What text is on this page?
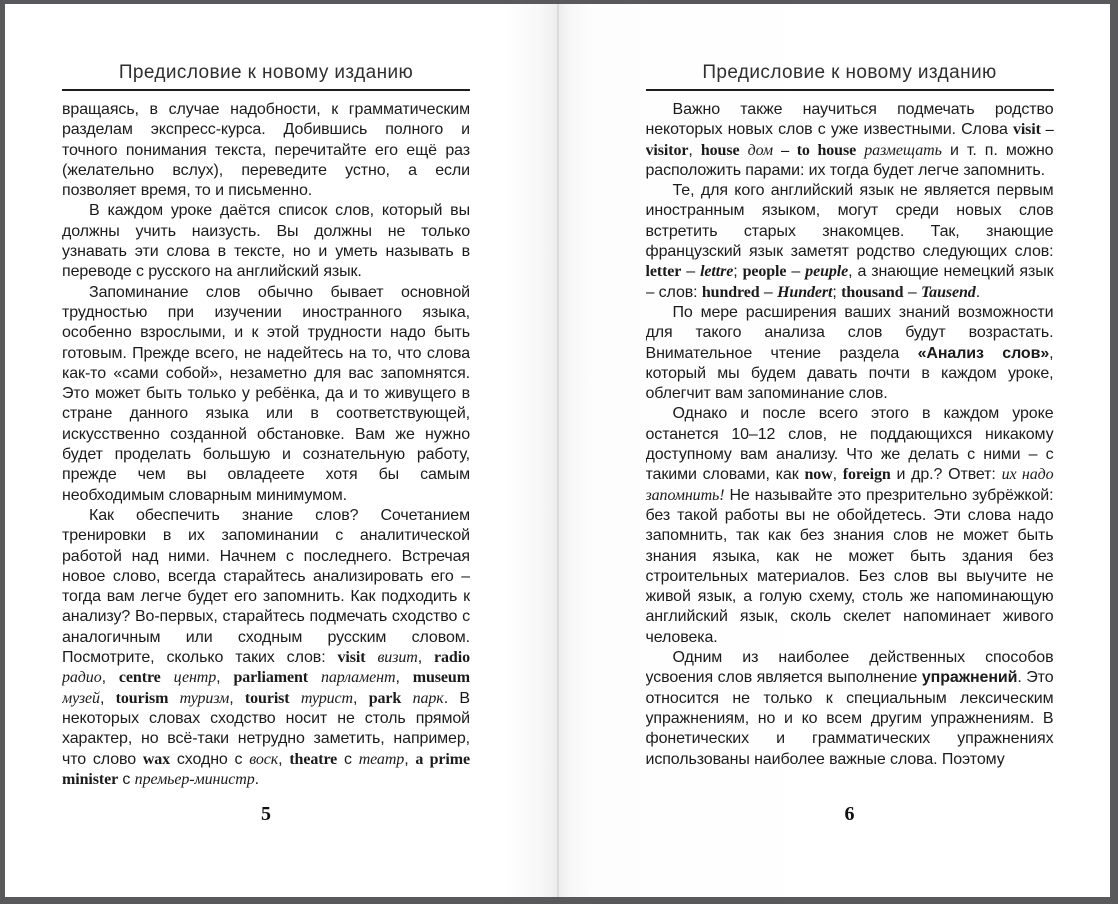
Предисловие к новому изданию

вращаясь, в случае надобности, к грамматическим разделам экспресс-курса. Добившись полного и точного понимания текста, перечитайте его ещё раз (желательно вслух), переведите устно, а если позволяет время, то и письменно.

В каждом уроке даётся список слов, который вы должны учить наизусть. Вы должны не только узнавать эти слова в тексте, но и уметь называть в переводе с русского на английский язык.

Запоминание слов обычно бывает основной трудностью при изучении иностранного языка, особенно взрослыми, и к этой трудности надо быть готовым. Прежде всего, не надейтесь на то, что слова как-то «сами собой», незаметно для вас запомнятся. Это может быть только у ребёнка, да и то живущего в стране данного языка или в соответствующей, искусственно созданной обстановке. Вам же нужно будет проделать большую и сознательную работу, прежде чем вы овладеете хотя бы самым необходимым словарным минимумом.

Как обеспечить знание слов? Сочетанием тренировки в их запоминании с аналитической работой над ними. Начнем с последнего. Встречая новое слово, всегда старайтесь анализировать его – тогда вам легче будет его запомнить. Как подходить к анализу? Во-первых, старайтесь подмечать сходство с аналогичным или сходным русским словом. Посмотрите, сколько таких слов: visit визит, radio радио, centre центр, parliament парламент, museum музей, tourism туризм, tourist турист, park парк. В некоторых словах сходство носит не столь прямой характер, но всё-таки нетрудно заметить, например, что слово wax сходно с воск, theatre с театр, a prime minister с премьер-министр.

5
Предисловие к новому изданию

Важно также научиться подмечать родство некоторых новых слов с уже известными. Слова visit – visitor, house дом – to house размещать и т. п. можно расположить парами: их тогда будет легче запомнить.

Те, для кого английский язык не является первым иностранным языком, могут среди новых слов встретить старых знакомцев. Так, знающие французский язык заметят родство следующих слов: letter – lettre; people – peuple, а знающие немецкий язык – слов: hundred – Hundert; thousand – Tausend.

По мере расширения ваших знаний возможности для такого анализа слов будут возрастать. Внимательное чтение раздела «Анализ слов», который мы будем давать почти в каждом уроке, облегчит вам запоминание слов.

Однако и после всего этого в каждом уроке останется 10–12 слов, не поддающихся никакому доступному вам анализу. Что же делать с ними – с такими словами, как now, foreign и др.? Ответ: их надо запомнить! Не называйте это презрительно зубрёжкой: без такой работы вы не обойдетесь. Эти слова надо запомнить, так как без знания слов не может быть знания языка, как не может быть здания без строительных материалов. Без слов вы выучите не живой язык, а голую схему, столь же напоминающую английский язык, сколь скелет напоминает живого человека.

Одним из наиболее действенных способов усвоения слов является выполнение упражнений. Это относится не только к специальным лексическим упражнениям, но и ко всем другим упражнениям. В фонетических и грамматических упражнениях использованы наиболее важные слова. Поэтому

6
